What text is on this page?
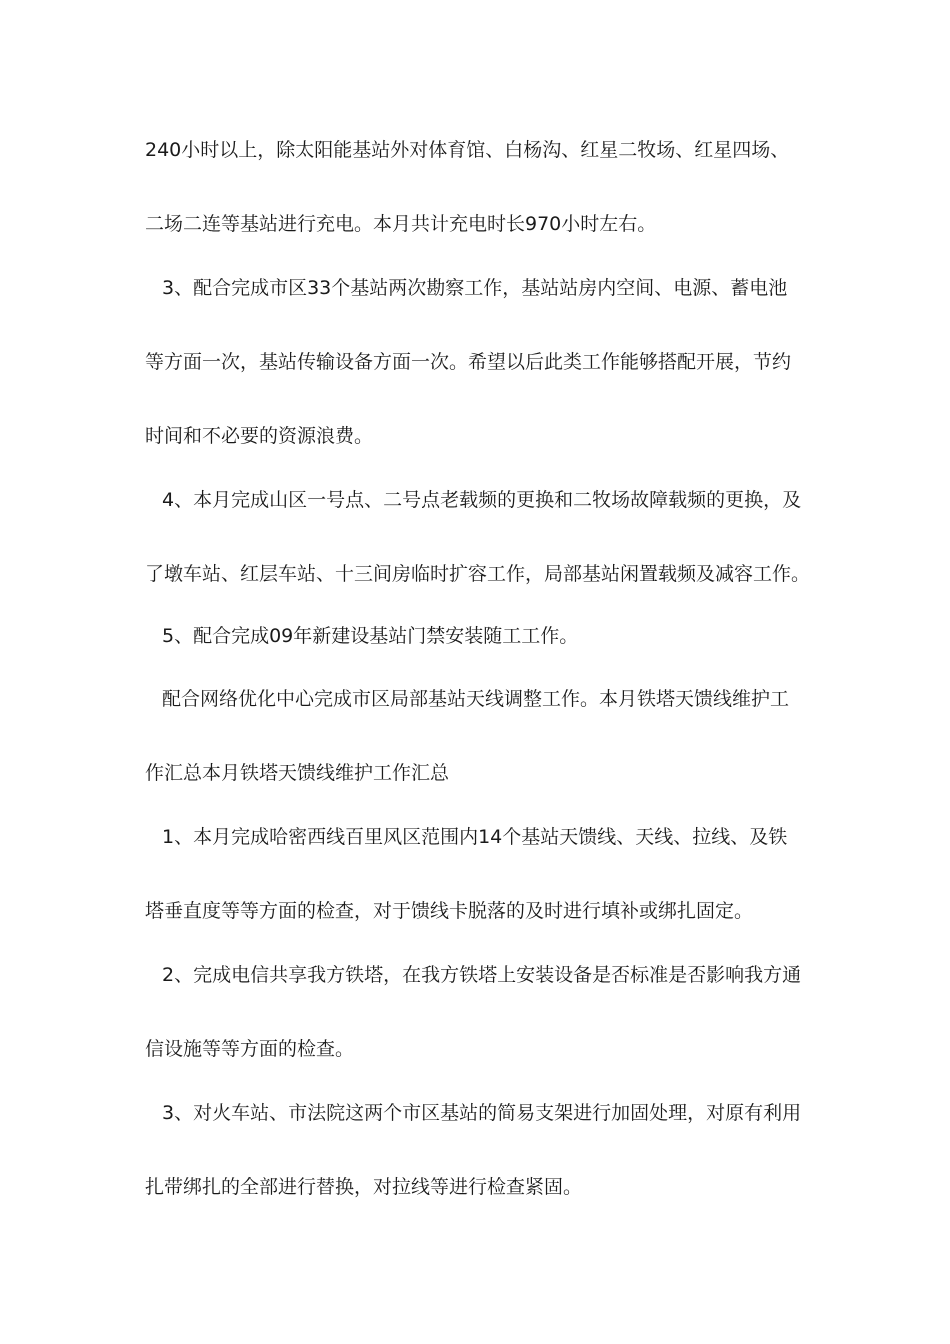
240小时以上，除太阳能基站外对体育馆、白杨沟、红星二牧场、红星四场、
二场二连等基站进行充电。本月共计充电时长970小时左右。
3、配合完成市区33个基站两次勘察工作，基站站房内空间、电源、蓄电池
等方面一次，基站传输设备方面一次。希望以后此类工作能够搭配开展，节约
时间和不必要的资源浪费。
4、本月完成山区一号点、二号点老载频的更换和二牧场故障载频的更换，及
了墩车站、红层车站、十三间房临时扩容工作，局部基站闲置载频及减容工作。
5、配合完成09年新建设基站门禁安装随工工作。
配合网络优化中心完成市区局部基站天线调整工作。本月铁塔天馈线维护工
作汇总本月铁塔天馈线维护工作汇总
1、本月完成哈密西线百里风区范围内14个基站天馈线、天线、拉线、及铁
塔垂直度等等方面的检查，对于馈线卡脱落的及时进行填补或绑扎固定。
2、完成电信共享我方铁塔，在我方铁塔上安装设备是否标准是否影响我方通
信设施等等方面的检查。
3、对火车站、市法院这两个市区基站的简易支架进行加固处理，对原有利用
扎带绑扎的全部进行替换，对拉线等进行检查紧固。
